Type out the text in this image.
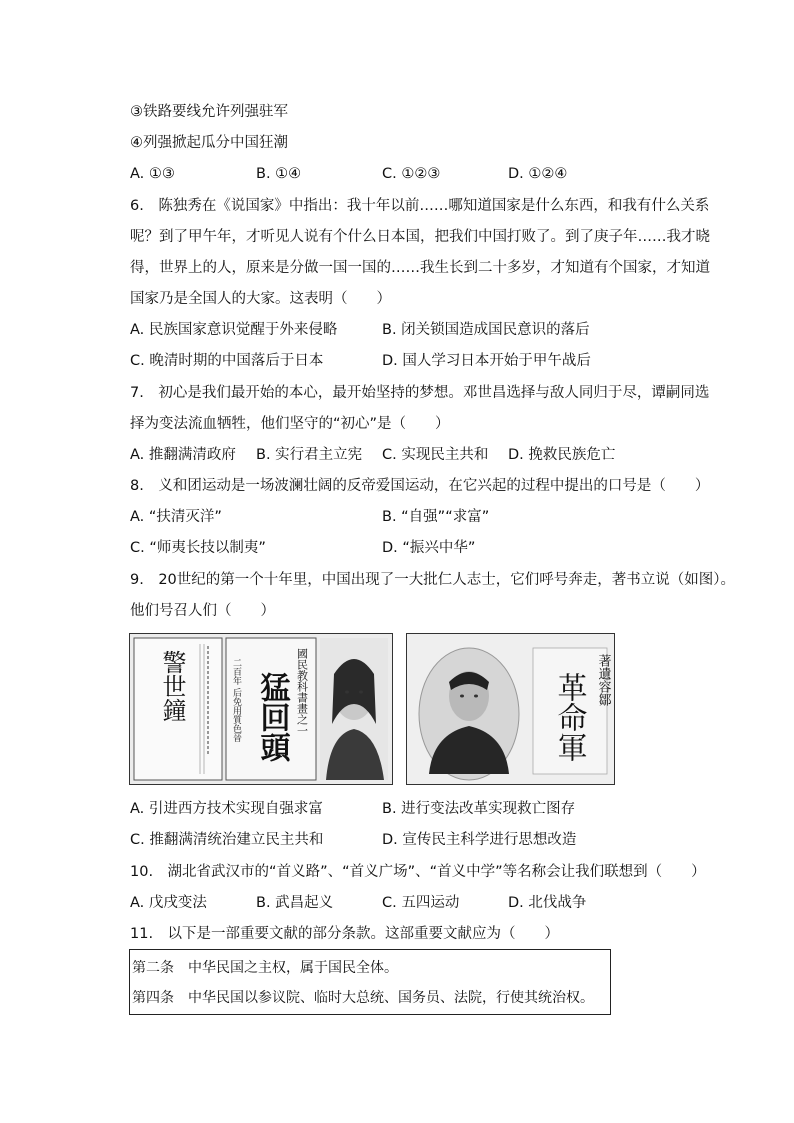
③铁路要线允许列强驻军
④列强掀起瓜分中国狂潮
A. ①③	B. ①④	C. ①②③	D. ①②④
6.　陈独秀在《说国家》中指出：我十年以前……哪知道国家是什么东西，和我有什么关系
呢？到了甲午年，才听见人说有个什么日本国，把我们中国打败了。到了庚子年……我才晓
得，世界上的人，原来是分做一国一国的……我生长到二十多岁，才知道有个国家，才知道
国家乃是全国人的大家。这表明（　　）
A. 民族国家意识觉醒于外来侵略	B. 闭关锁国造成国民意识的落后
C. 晚清时期的中国落后于日本	D. 国人学习日本开始于甲午战后
7.　初心是我们最开始的本心，最开始坚持的梦想。邓世昌选择与敌人同归于尽，谭嗣同选
择为变法流血牺牲，他们坚守的“初心”是（　　）
A. 推翻满清政府 B. 实行君主立宪 C. 实现民主共和 D. 挽救民族危亡
8.　义和团运动是一场波澜壮阔的反帝爱国运动，在它兴起的过程中提出的口号是（　　）
A. “扶清灭洋”	B. “自强”“求富”
C. “师夷长技以制夷”	D. “振兴中华”
9.　20世纪的第一个十年里，中国出现了一大批仁人志士，它们呼号奔走，著书立说（如图）。
他们号召人们（　　）
警世鐘	國民教科書畫之一
二百年 后免用質色晉 猛回頭	著遺容鄒
革命軍
A. 引进西方技术实现自强求富	B. 进行变法改革实现救亡图存
C. 推翻满清统治建立民主共和	D. 宣传民主科学进行思想改造
10.　湖北省武汉市的“首义路”、“首义广场”、“首义中学”等名称会让我们联想到（　　）
A. 戊戌变法	B. 武昌起义	C. 五四运动	D. 北伐战争
11.　以下是一部重要文献的部分条款。这部重要文献应为（　　）
第二条　中华民国之主权，属于国民全体。
第四条　中华民国以参议院、临时大总统、国务员、法院，行使其统治权。
